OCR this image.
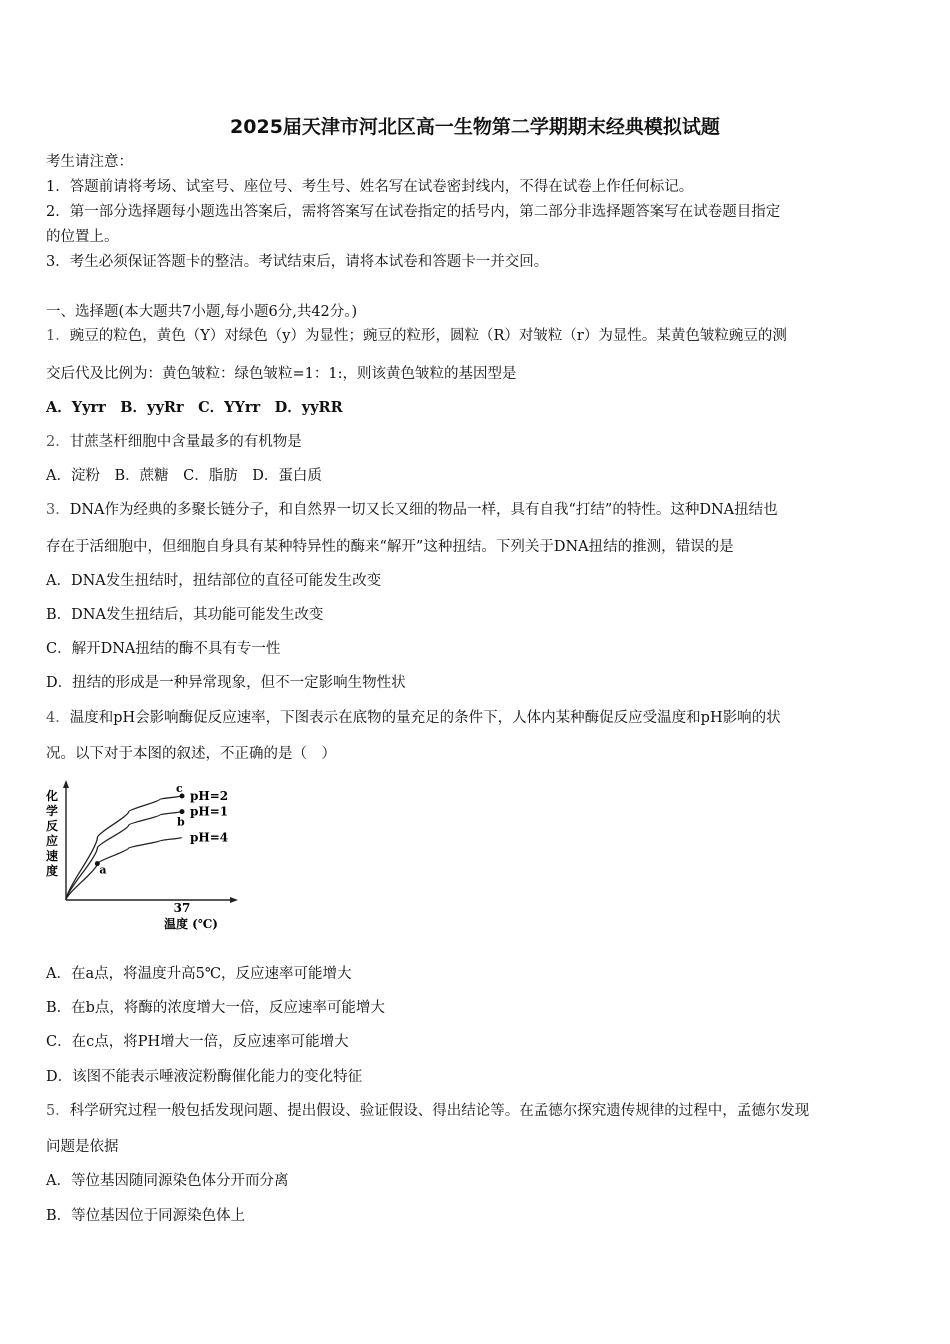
2025届天津市河北区高一生物第二学期期末经典模拟试题
考生请注意：
1．答题前请将考场、试室号、座位号、考生号、姓名写在试卷密封线内，不得在试卷上作任何标记。
2．第一部分选择题每小题选出答案后，需将答案写在试卷指定的括号内，第二部分非选择题答案写在试卷题目指定
的位置上。
3．考生必须保证答题卡的整洁。考试结束后，请将本试卷和答题卡一并交回。
一、选择题(本大题共7小题,每小题6分,共42分。)
1．豌豆的粒色，黄色（Y）对绿色（y）为显性；豌豆的粒形，圆粒（R）对皱粒（r）为显性。某黄色皱粒豌豆的测
交后代及比例为：黄色皱粒：绿色皱粒=1：1:，则该黄色皱粒的基因型是
A．Yyrr　B．yyRr　C．YYrr　D．yyRR
2．甘蔗茎杆细胞中含量最多的有机物是
A．淀粉　B．蔗糖　C．脂肪　D．蛋白质
3．DNA作为经典的多聚长链分子，和自然界一切又长又细的物品一样，具有自我“打结”的特性。这种DNA扭结也
存在于活细胞中，但细胞自身具有某种特异性的酶来“解开”这种扭结。下列关于DNA扭结的推测，错误的是
A．DNA发生扭结时，扭结部位的直径可能发生改变
B．DNA发生扭结后，其功能可能发生改变
C．解开DNA扭结的酶不具有专一性
D．扭结的形成是一种异常现象，但不一定影响生物性状
4．温度和pH会影响酶促反应速率，下图表示在底物的量充足的条件下，人体内某种酶促反应受温度和pH影响的状
况。以下对于本图的叙述，不正确的是（　）
化学反应速度
37
温度 (℃)
pH=2
pH=1
pH=4
c
b
a
A．在a点，将温度升高5℃，反应速率可能增大
B．在b点，将酶的浓度增大一倍，反应速率可能增大
C．在c点，将PH增大一倍，反应速率可能增大
D．该图不能表示唾液淀粉酶催化能力的变化特征
5．科学研究过程一般包括发现问题、提出假设、验证假设、得出结论等。在孟德尔探究遗传规律的过程中，孟德尔发现
问题是依据
A．等位基因随同源染色体分开而分离
B．等位基因位于同源染色体上
